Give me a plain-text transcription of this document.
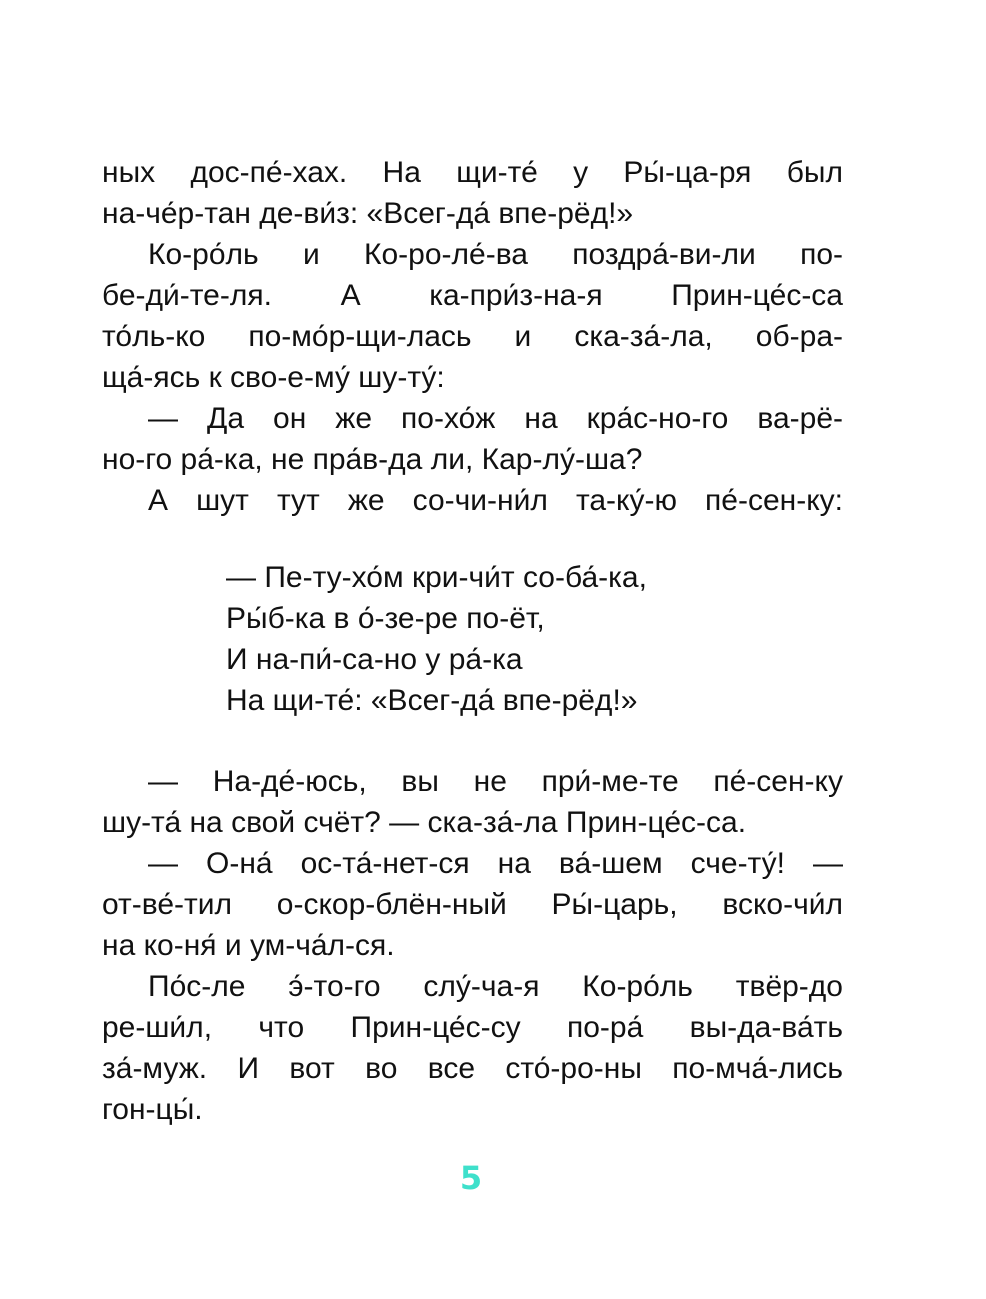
ных дос-пе́-хах. На щи-те́ у Ры́-ца-ря был
на-че́р-тан де-ви́з: «Всег-да́ впе-рёд!»

Ко-ро́ль и Ко-ро-ле́-ва поздра́-ви-ли по-
бе-ди́-те-ля. А ка-при́з-на-я Прин-це́с-са
то́ль-ко по-мо́р-щи-лась и ска-за́-ла, об-ра-
ща́-ясь к сво-е-му́ шу-ту́:

— Да он же по-хо́ж на кра́с-но-го ва-рё-
но-го ра́-ка, не пра́в-да ли, Кар-лу́-ша?

А шут тут же со-чи-ни́л та-ку́-ю пе́-сен-ку:

— Пе-ту-хо́м кри-чи́т со-ба́-ка,
Ры́б-ка в о́-зе-ре по-ёт,
И на-пи́-са-но у ра́-ка
На щи-те́: «Всег-да́ впе-рёд!»

— На-де́-юсь, вы не при́-ме-те пе́-сен-ку
шу-та́ на свой счёт? — ска-за́-ла Прин-це́с-са.

— О-на́ ос-та́-нет-ся на ва́-шем сче-ту́! —
от-ве́-тил о-скор-блён-ный Ры́-царь, вско-чи́л
на ко-ня́ и ум-ча́л-ся.

По́с-ле э́-то-го слу́-ча-я Ко-ро́ль твёр-до
ре-ши́л, что Прин-це́с-су по-ра́ вы-да-ва́ть
за́-муж. И вот во все сто́-ро-ны по-мча́-лись
гон-цы́.

5
